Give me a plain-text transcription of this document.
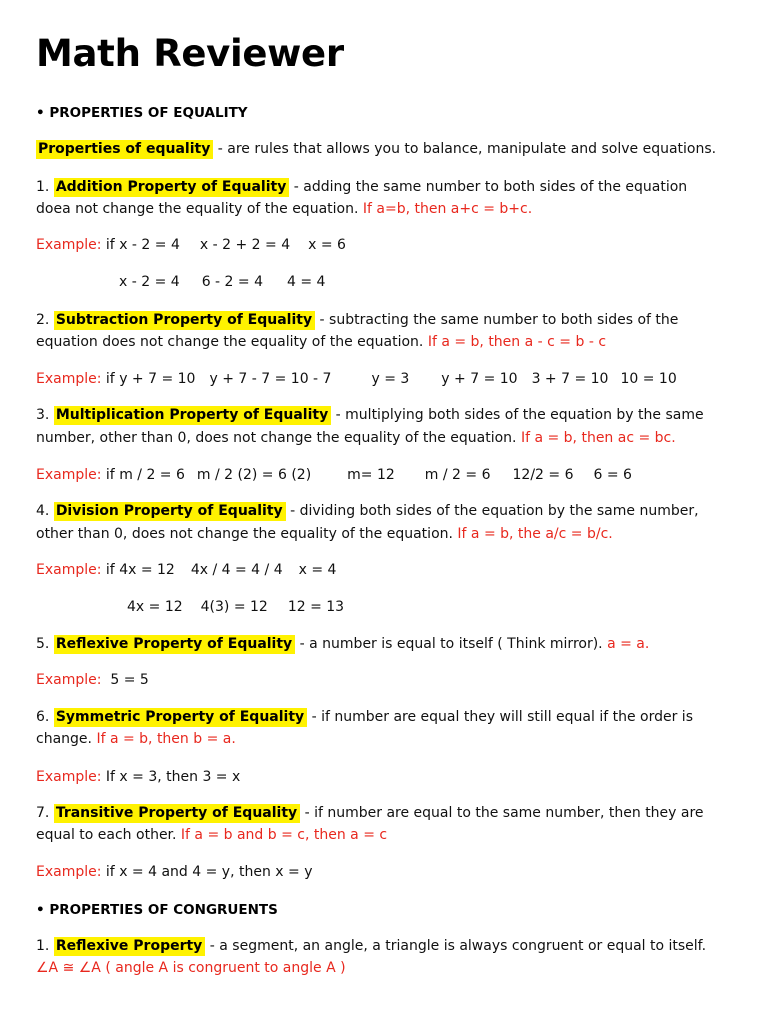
Math Reviewer
• PROPERTIES OF EQUALITY
Properties of equality - are rules that allows you to balance, manipulate and solve equations.
1. Addition Property of Equality - adding the same number to both sides of the equation
doea not change the equality of the equation. If a=b, then a+c = b+c.
Example: if x - 2 = 4 x - 2 + 2 = 4 x = 6
x - 2 = 4 6 - 2 = 4 4 = 4
2. Subtraction Property of Equality - subtracting the same number to both sides of the
equation does not change the equality of the equation. If a = b, then a - c = b - c
Example: if y + 7 = 10 y + 7 - 7 = 10 - 7	y = 3 y + 7 = 10 3 + 7 = 10 10 = 10
3. Multiplication Property of Equality - multiplying both sides of the equation by the same
number, other than 0, does not change the equality of the equation. If a = b, then ac = bc.
Example: if m / 2 = 6 m / 2 (2) = 6 (2)	m= 12 m / 2 = 6 12/2 = 6 6 = 6
4. Division Property of Equality - dividing both sides of the equation by the same number,
other than 0, does not change the equality of the equation. If a = b, the a/c = b/c.
Example: if 4x = 12 4x / 4 = 4 / 4 x = 4
4x = 12 4(3) = 12 12 = 13
5. Reflexive Property of Equality - a number is equal to itself ( Think mirror). a = a.
Example: 5 = 5
6. Symmetric Property of Equality - if number are equal they will still equal if the order is
change. If a = b, then b = a.
Example: If x = 3, then 3 = x
7. Transitive Property of Equality - if number are equal to the same number, then they are
equal to each other. If a = b and b = c, then a = c
Example: if x = 4 and 4 = y, then x = y
• PROPERTIES OF CONGRUENTS
1. Reflexive Property - a segment, an angle, a triangle is always congruent or equal to itself.
∠A ≅ ∠A ( angle A is congruent to angle A )
